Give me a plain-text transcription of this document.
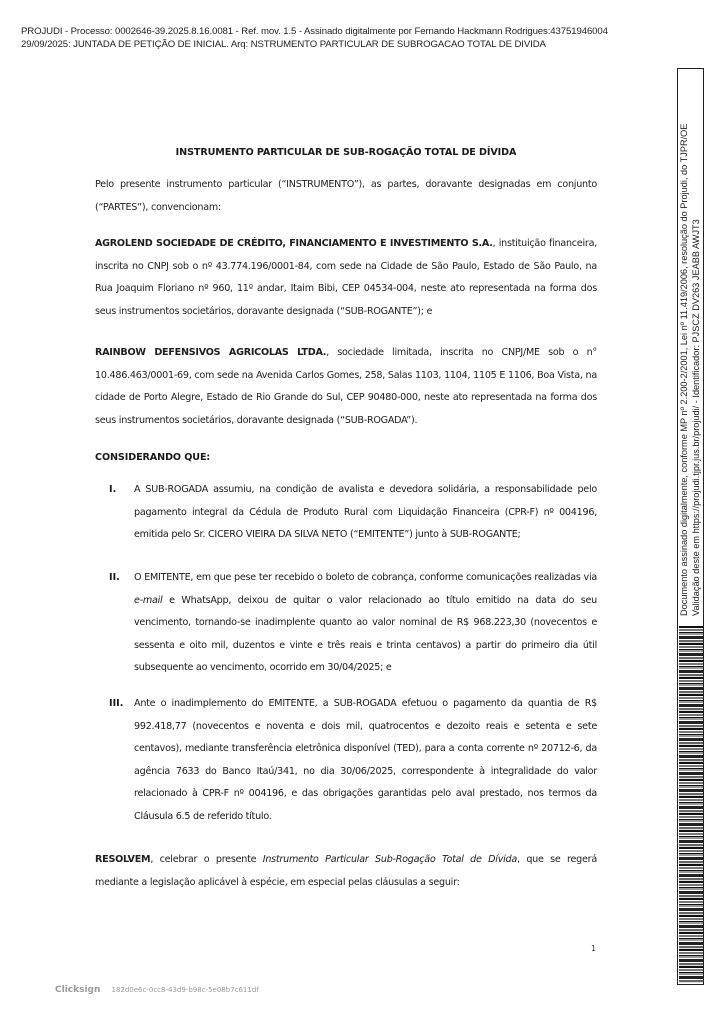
PROJUDI - Processo: 0002646-39.2025.8.16.0081 - Ref. mov. 1.5 - Assinado digitalmente por Fernando Hackmann Rodrigues:43751946004
29/09/2025: JUNTADA DE PETIÇÃO DE INICIAL. Arq: NSTRUMENTO PARTICULAR DE SUBROGACAO TOTAL DE DIVIDA
INSTRUMENTO PARTICULAR DE SUB-ROGAÇÃO TOTAL DE DÍVIDA
Pelo presente instrumento particular (“INSTRUMENTO”), as partes, doravante designadas em conjunto (“PARTES”), convencionam:
AGROLEND SOCIEDADE DE CRÉDITO, FINANCIAMENTO E INVESTIMENTO S.A., instituição financeira, inscrita no CNPJ sob o nº 43.774.196/0001-84, com sede na Cidade de São Paulo, Estado de São Paulo, na Rua Joaquim Floriano nº 960, 11º andar, Itaim Bibi, CEP 04534-004, neste ato representada na forma dos seus instrumentos societários, doravante designada (“SUB-ROGANTE”); e
RAINBOW DEFENSIVOS AGRICOLAS LTDA., sociedade limitada, inscrita no CNPJ/ME sob o n° 10.486.463/0001-69, com sede na Avenida Carlos Gomes, 258, Salas 1103, 1104, 1105 E 1106, Boa Vista, na cidade de Porto Alegre, Estado de Rio Grande do Sul, CEP 90480-000, neste ato representada na forma dos seus instrumentos societários, doravante designada (“SUB-ROGADA”).
CONSIDERANDO QUE:
I. A SUB-ROGADA assumiu, na condição de avalista e devedora solidária, a responsabilidade pelo pagamento integral da Cédula de Produto Rural com Liquidação Financeira (CPR-F) nº 004196, emitida pelo Sr. CICERO VIEIRA DA SILVA NETO (“EMITENTE”) junto à SUB-ROGANTE;
II. O EMITENTE, em que pese ter recebido o boleto de cobrança, conforme comunicações realizadas via e-mail e WhatsApp, deixou de quitar o valor relacionado ao título emitido na data do seu vencimento, tornando-se inadimplente quanto ao valor nominal de R$ 968.223,30 (novecentos e sessenta e oito mil, duzentos e vinte e três reais e trinta centavos) a partir do primeiro dia útil subsequente ao vencimento, ocorrido em 30/04/2025; e
III. Ante o inadimplemento do EMITENTE, a SUB-ROGADA efetuou o pagamento da quantia de R$ 992.418,77 (novecentos e noventa e dois mil, quatrocentos e dezoito reais e setenta e sete centavos), mediante transferência eletrônica disponível (TED), para a conta corrente nº 20712-6, da agência 7633 do Banco Itaú/341, no dia 30/06/2025, correspondente à integralidade do valor relacionado à CPR-F nº 004196, e das obrigações garantidas pelo aval prestado, nos termos da Cláusula 6.5 de referido título.
RESOLVEM, celebrar o presente Instrumento Particular Sub-Rogação Total de Dívida, que se regerá mediante a legislação aplicável à espécie, em especial pelas cláusulas a seguir:
1
Clicksign 182d0e6c-0cc8-43d9-b98c-5e08b7c611df
Documento assinado digitalmente, conforme MP nº 2.200-2/2001, Lei nº 11.419/2006, resolução do Projudi, do TJPR/OE Validação deste em https://projudi.tjpr.jus.br/projudi/ - Identificador: PJSCZ DV263 JEABB AWJT3
